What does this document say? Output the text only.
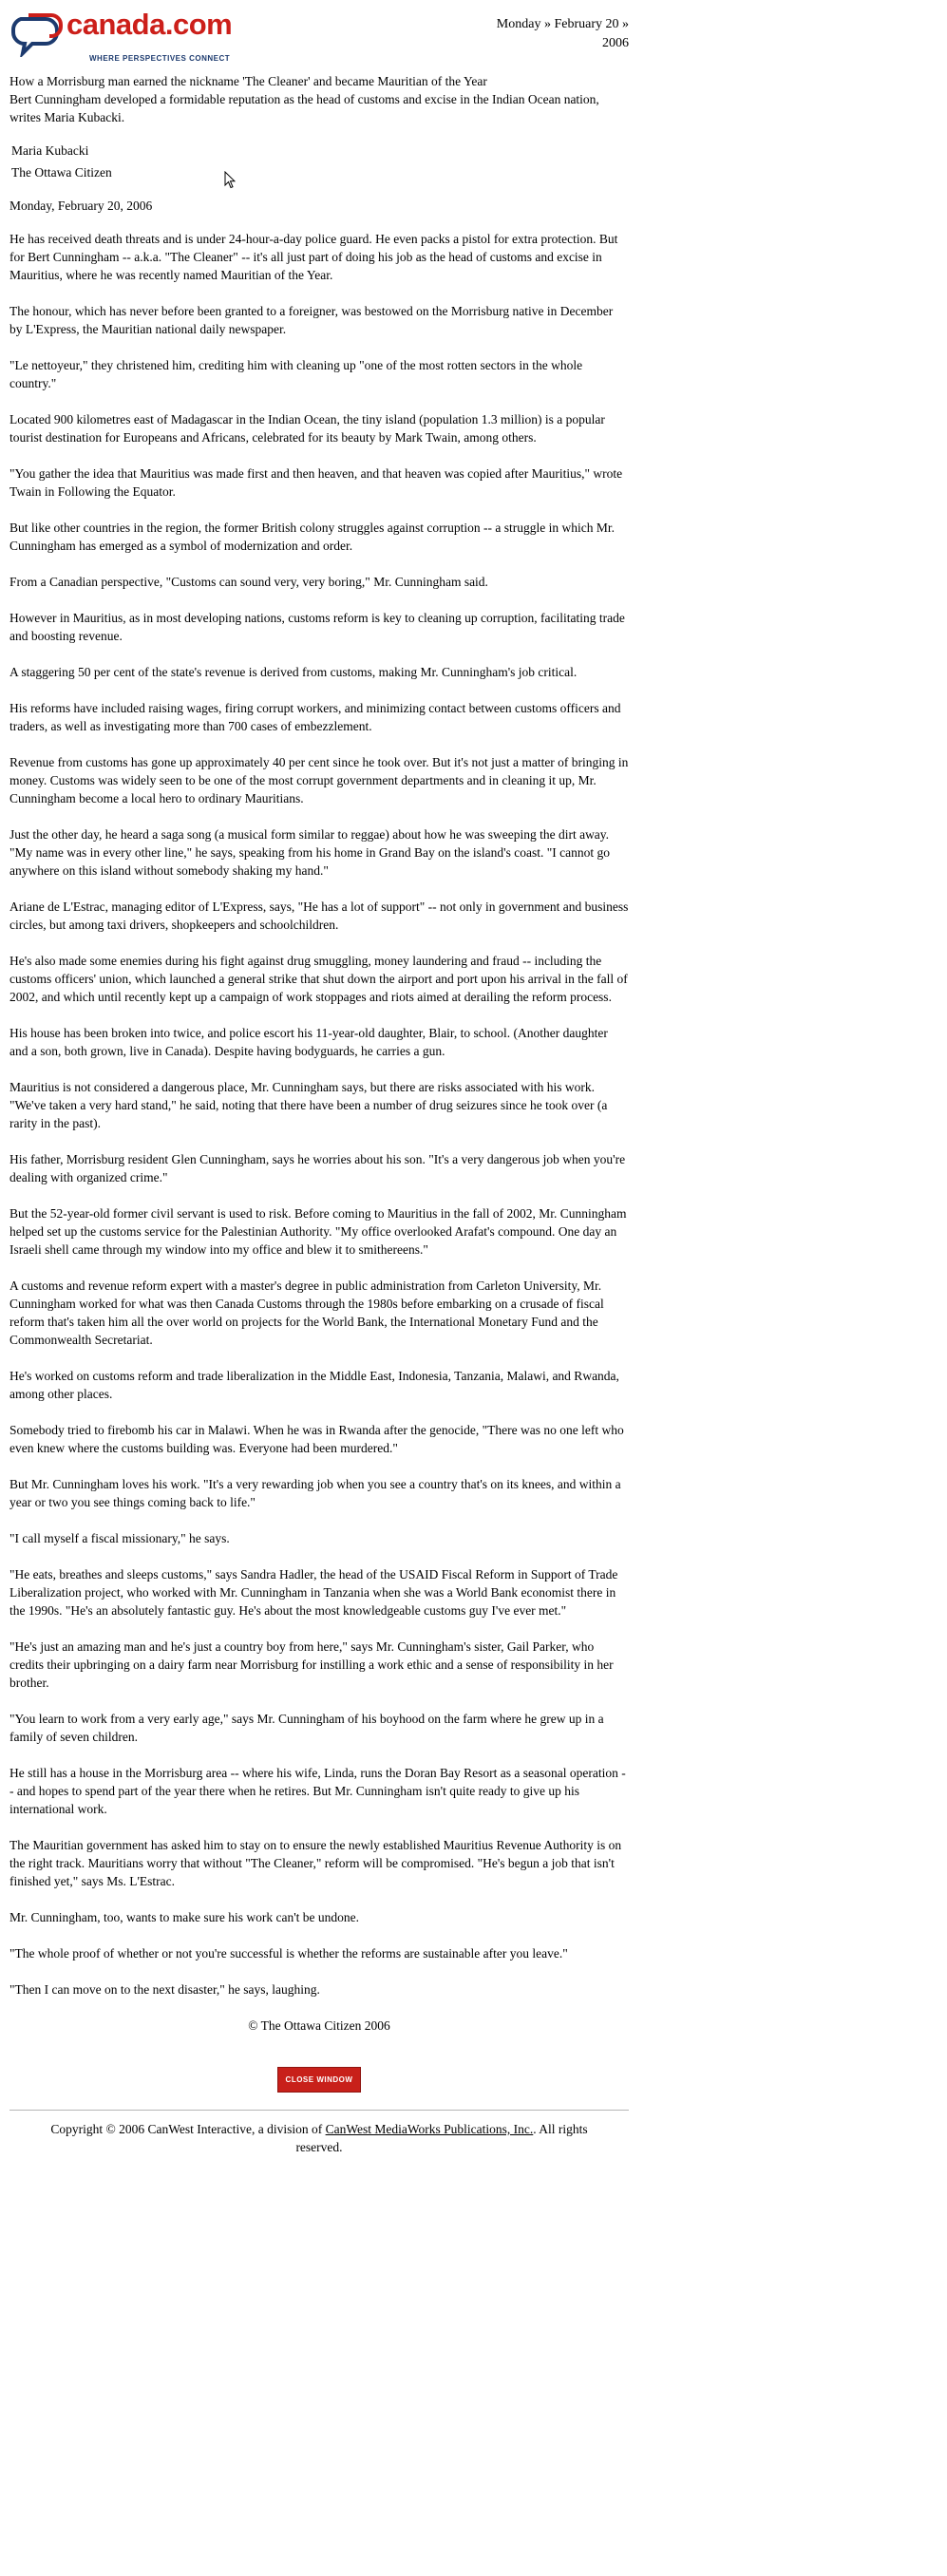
canada.com
WHERE PERSPECTIVES CONNECT
Monday » February 20 » 2006

How a Morrisburg man earned the nickname 'The Cleaner' and became Mauritian of the Year

Bert Cunningham developed a formidable reputation as the head of customs and excise in the Indian Ocean nation, writes Maria Kubacki.

Maria Kubacki
The Ottawa Citizen
Monday, February 20, 2006

He has received death threats and is under 24-hour-a-day police guard. He even packs a pistol for extra protection. But for Bert Cunningham -- a.k.a. "The Cleaner" -- it's all just part of doing his job as the head of customs and excise in Mauritius, where he was recently named Mauritian of the Year.

The honour, which has never before been granted to a foreigner, was bestowed on the Morrisburg native in December by L'Express, the Mauritian national daily newspaper.

"Le nettoyeur," they christened him, crediting him with cleaning up "one of the most rotten sectors in the whole country."

Located 900 kilometres east of Madagascar in the Indian Ocean, the tiny island (population 1.3 million) is a popular tourist destination for Europeans and Africans, celebrated for its beauty by Mark Twain, among others.

"You gather the idea that Mauritius was made first and then heaven, and that heaven was copied after Mauritius," wrote Twain in Following the Equator.

But like other countries in the region, the former British colony struggles against corruption -- a struggle in which Mr. Cunningham has emerged as a symbol of modernization and order.

From a Canadian perspective, "Customs can sound very, very boring," Mr. Cunningham said.

However in Mauritius, as in most developing nations, customs reform is key to cleaning up corruption, facilitating trade and boosting revenue.

A staggering 50 per cent of the state's revenue is derived from customs, making Mr. Cunningham's job critical.

His reforms have included raising wages, firing corrupt workers, and minimizing contact between customs officers and traders, as well as investigating more than 700 cases of embezzlement.

Revenue from customs has gone up approximately 40 per cent since he took over. But it's not just a matter of bringing in money. Customs was widely seen to be one of the most corrupt government departments and in cleaning it up, Mr. Cunningham become a local hero to ordinary Mauritians.

Just the other day, he heard a saga song (a musical form similar to reggae) about how he was sweeping the dirt away. "My name was in every other line," he says, speaking from his home in Grand Bay on the island's coast. "I cannot go anywhere on this island without somebody shaking my hand."

Ariane de L'Estrac, managing editor of L'Express, says, "He has a lot of support" -- not only in government and business circles, but among taxi drivers, shopkeepers and schoolchildren.

He's also made some enemies during his fight against drug smuggling, money laundering and fraud -- including the customs officers' union, which launched a general strike that shut down the airport and port upon his arrival in the fall of 2002, and which until recently kept up a campaign of work stoppages and riots aimed at derailing the reform process.

His house has been broken into twice, and police escort his 11-year-old daughter, Blair, to school. (Another daughter and a son, both grown, live in Canada). Despite having bodyguards, he carries a gun.

Mauritius is not considered a dangerous place, Mr. Cunningham says, but there are risks associated with his work. "We've taken a very hard stand," he said, noting that there have been a number of drug seizures since he took over (a rarity in the past).

His father, Morrisburg resident Glen Cunningham, says he worries about his son. "It's a very dangerous job when you're dealing with organized crime."

But the 52-year-old former civil servant is used to risk. Before coming to Mauritius in the fall of 2002, Mr. Cunningham helped set up the customs service for the Palestinian Authority. "My office overlooked Arafat's compound. One day an Israeli shell came through my window into my office and blew it to smithereens."

A customs and revenue reform expert with a master's degree in public administration from Carleton University, Mr. Cunningham worked for what was then Canada Customs through the 1980s before embarking on a crusade of fiscal reform that's taken him all the over world on projects for the World Bank, the International Monetary Fund and the Commonwealth Secretariat.

He's worked on customs reform and trade liberalization in the Middle East, Indonesia, Tanzania, Malawi, and Rwanda, among other places.

Somebody tried to firebomb his car in Malawi. When he was in Rwanda after the genocide, "There was no one left who even knew where the customs building was. Everyone had been murdered."

But Mr. Cunningham loves his work. "It's a very rewarding job when you see a country that's on its knees, and within a year or two you see things coming back to life."

"I call myself a fiscal missionary," he says.

"He eats, breathes and sleeps customs," says Sandra Hadler, the head of the USAID Fiscal Reform in Support of Trade Liberalization project, who worked with Mr. Cunningham in Tanzania when she was a World Bank economist there in the 1990s. "He's an absolutely fantastic guy. He's about the most knowledgeable customs guy I've ever met."

"He's just an amazing man and he's just a country boy from here," says Mr. Cunningham's sister, Gail Parker, who credits their upbringing on a dairy farm near Morrisburg for instilling a work ethic and a sense of responsibility in her brother.

"You learn to work from a very early age," says Mr. Cunningham of his boyhood on the farm where he grew up in a family of seven children.

He still has a house in the Morrisburg area -- where his wife, Linda, runs the Doran Bay Resort as a seasonal operation -- and hopes to spend part of the year there when he retires. But Mr. Cunningham isn't quite ready to give up his international work.

The Mauritian government has asked him to stay on to ensure the newly established Mauritius Revenue Authority is on the right track. Mauritians worry that without "The Cleaner," reform will be compromised. "He's begun a job that isn't finished yet," says Ms. L'Estrac.

Mr. Cunningham, too, wants to make sure his work can't be undone.

"The whole proof of whether or not you're successful is whether the reforms are sustainable after you leave."

"Then I can move on to the next disaster," he says, laughing.

© The Ottawa Citizen 2006
CLOSE WINDOW
Copyright © 2006 CanWest Interactive, a division of CanWest MediaWorks Publications, Inc.. All rights reserved.
